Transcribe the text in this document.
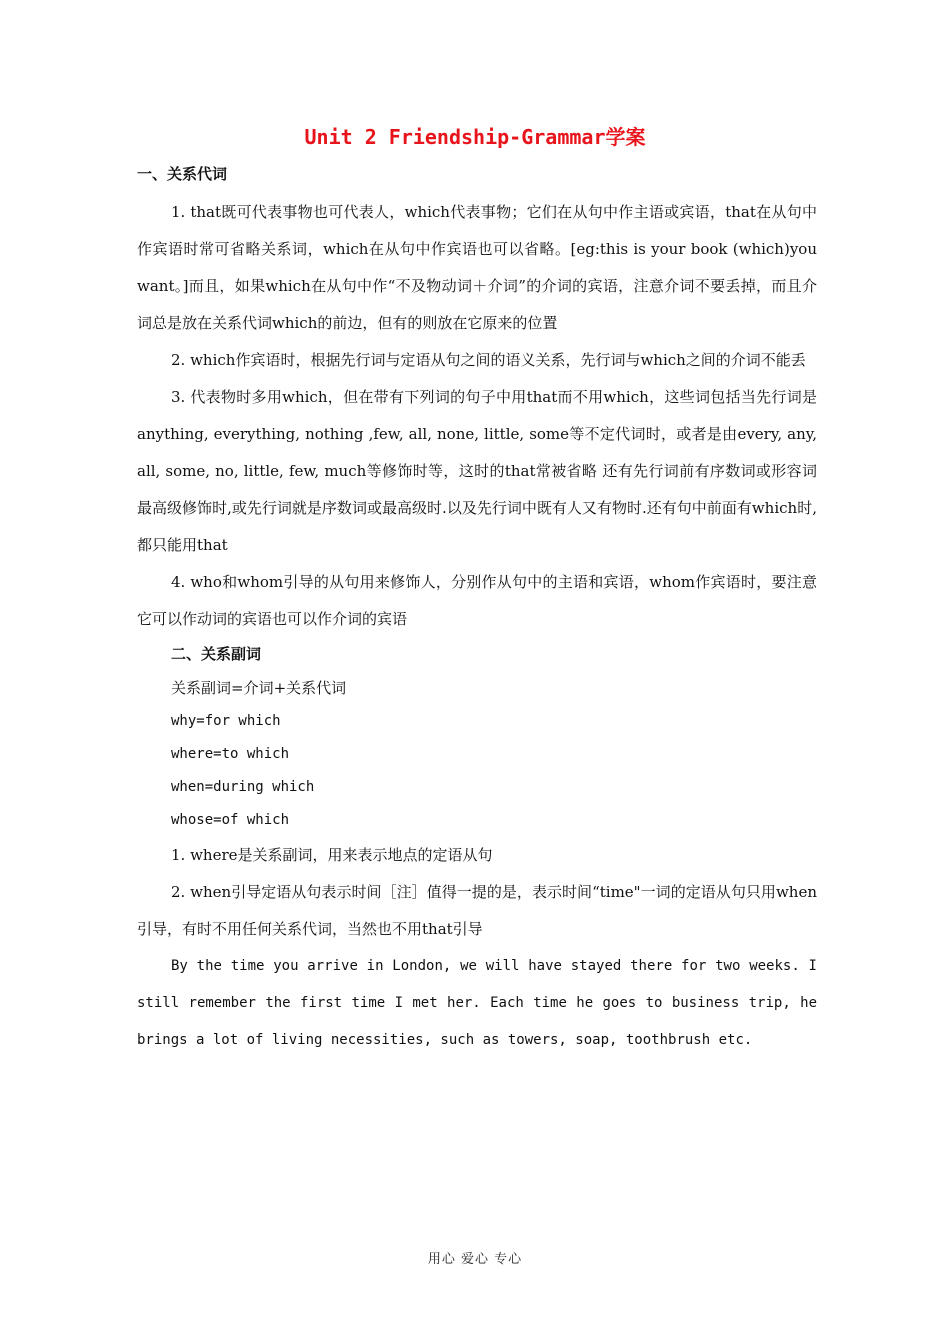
Unit 2 Friendship-Grammar学案
一、关系代词

1. that既可代表事物也可代表人，which代表事物；它们在从句中作主语或宾语，that在从句中作宾语时常可省略关系词，which在从句中作宾语也可以省略。[eg:this is your book (which)you want。]而且，如果which在从句中作“不及物动词＋介词”的介词的宾语，注意介词不要丢掉，而且介词总是放在关系代词which的前边，但有的则放在它原来的位置

2. which作宾语时，根据先行词与定语从句之间的语义关系，先行词与which之间的介词不能丢

3. 代表物时多用which，但在带有下列词的句子中用that而不用which，这些词包括当先行词是anything, everything, nothing ,few, all, none, little, some等不定代词时，或者是由every, any, all, some, no, little, few, much等修饰时等，这时的that常被省略 还有先行词前有序数词或形容词最高级修饰时,或先行词就是序数词或最高级时.以及先行词中既有人又有物时.还有句中前面有which时,都只能用that

4. who和whom引导的从句用来修饰人，分别作从句中的主语和宾语，whom作宾语时，要注意它可以作动词的宾语也可以作介词的宾语

二、关系副词

关系副词=介词+关系代词

why=for which

where=to which

when=during which

whose=of which

1. where是关系副词，用来表示地点的定语从句

2. when引导定语从句表示时间［注］值得一提的是，表示时间“time"一词的定语从句只用when引导，有时不用任何关系代词，当然也不用that引导

By the time you arrive in London, we will have stayed there for two weeks. I still remember the first time I met her. Each time he goes to business trip, he brings a lot of living necessities, such as towers, soap, toothbrush etc.

用心 爱心 专心
